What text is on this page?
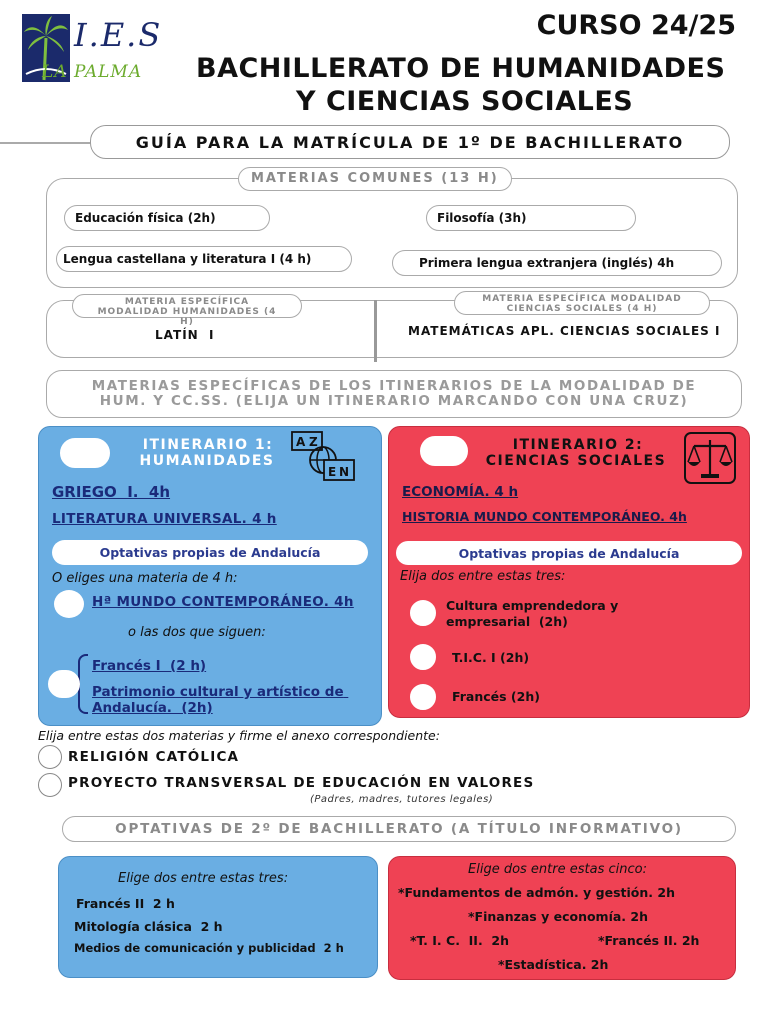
I.E.S
LA PALMA
CURSO 24/25
BACHILLERATO DE HUMANIDADES
Y CIENCIAS SOCIALES
GUÍA PARA LA MATRÍCULA DE 1º DE BACHILLERATO
MATERIAS COMUNES (13 H)
Educación física (2h)	Filosofía (3h)
Lengua castellana y literatura I (4 h)	Primera lengua extranjera (inglés) 4h
MATERIA ESPECÍFICA MODALIDAD HUMANIDADES (4 H)
LATÍN  I
MATERIA ESPECÍFICA MODALIDAD CIENCIAS SOCIALES (4 H)
MATEMÁTICAS APL. CIENCIAS SOCIALES I
MATERIAS ESPECÍFICAS DE LOS ITINERARIOS DE LA MODALIDAD DE HUM. Y CC.SS. (ELIJA UN ITINERARIO MARCANDO CON UNA CRUZ)
ITINERARIO 1:
HUMANIDADES
A Z
E N
GRIEGO  I.  4h
LITERATURA UNIVERSAL. 4 h
Optativas propias de Andalucía
O eliges una materia de 4 h:
Hª MUNDO CONTEMPORÁNEO. 4h
o las dos que siguen:
Francés I  (2 h)
Patrimonio cultural y artístico de Andalucía.  (2h)
ITINERARIO 2:
CIENCIAS SOCIALES
ECONOMÍA. 4 h
HISTORIA MUNDO CONTEMPORÁNEO. 4h
Optativas propias de Andalucía
Elija dos entre estas tres:
Cultura emprendedora y empresarial  (2h)
T.I.C. I (2h)
Francés (2h)
Elija entre estas dos materias y firme el anexo correspondiente:
RELIGIÓN CATÓLICA
PROYECTO TRANSVERSAL DE EDUCACIÓN EN VALORES
(Padres, madres, tutores legales)
OPTATIVAS DE 2º DE BACHILLERATO (A TÍTULO INFORMATIVO)
Elige dos entre estas tres:
Francés II  2 h
Mitología clásica  2 h
Medios de comunicación y publicidad  2 h
Elige dos entre estas cinco:
*Fundamentos de admón. y gestión. 2h
*Finanzas y economía. 2h
*T. I. C.  II.  2h	*Francés II. 2h
*Estadística. 2h
